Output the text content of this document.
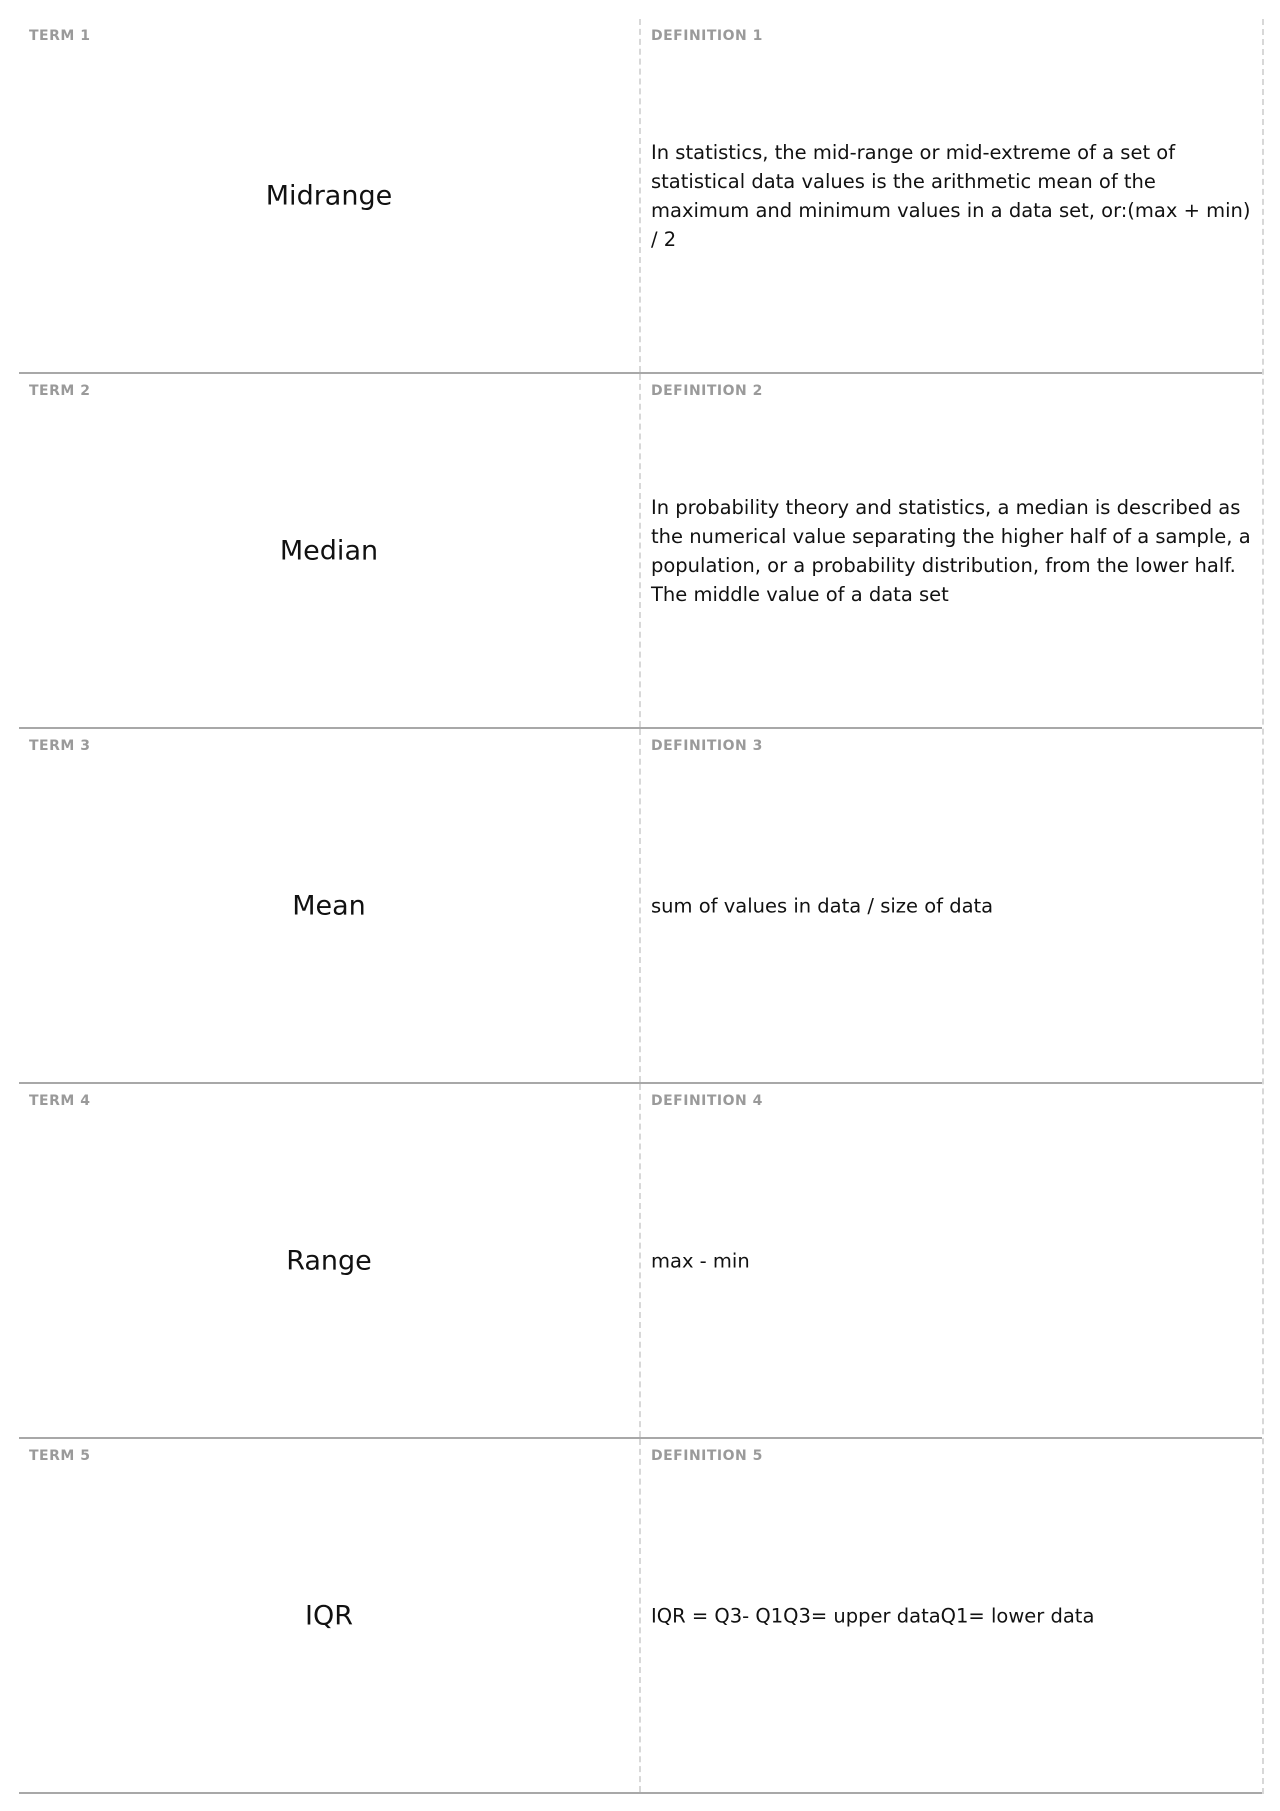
TERM 1
Midrange
DEFINITION 1
In statistics, the mid-range or mid-extreme of a set of statistical data values is the arithmetic mean of the maximum and minimum values in a data set, or:(max + min) / 2
TERM 2
Median
DEFINITION 2
In probability theory and statistics, a median is described as the numerical value separating the higher half of a sample, a population, or a probability distribution, from the lower half. The middle value of a data set
TERM 3
Mean
DEFINITION 3
sum of values in data / size of data
TERM 4
Range
DEFINITION 4
max - min
TERM 5
IQR
DEFINITION 5
IQR = Q3- Q1Q3= upper dataQ1= lower data
